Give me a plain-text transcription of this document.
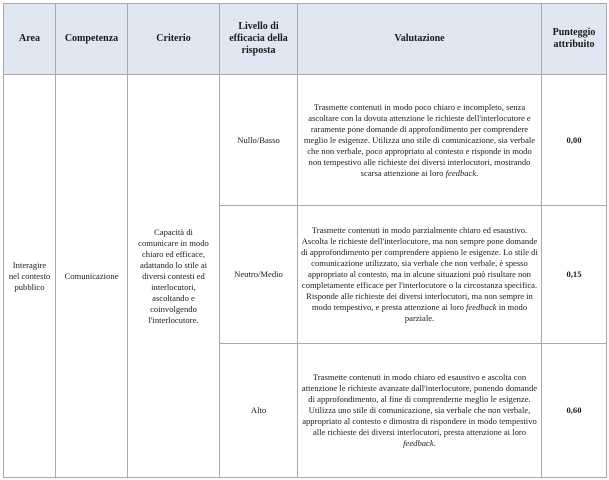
Area	Competenza	Criterio	Livello di efficacia della risposta	Valutazione	Punteggio attribuito
Interagire nel contesto pubblico	Comunicazione	Capacità di comunicare in modo chiaro ed efficace, adattando lo stile ai diversi contesti ed interlocutori, ascoltando e coinvolgendo l'interlocutore.	Nullo/Basso	Trasmette contenuti in modo poco chiaro e incompleto, senza ascoltare con la dovuta attenzione le richieste dell'interlocutore e raramente pone domande di approfondimento per comprendere meglio le esigenze. Utilizza uno stile di comunicazione, sia verbale che non verbale, poco appropriato al contesto e risponde in modo non tempestivo alle richieste dei diversi interlocutori, mostrando scarsa attenzione ai loro feedback.	0,00
			Neutro/Medio	Trasmette contenuti in modo parzialmente chiaro ed esaustivo. Ascolta le richieste dell'interlocutore, ma non sempre pone domande di approfondimento per comprendere appieno le esigenze. Lo stile di comunicazione utilizzato, sia verbale che non verbale, è spesso appropriato al contesto, ma in alcune situazioni può risultare non completamente efficace per l'interlocutore o la circostanza specifica. Risponde alle richieste dei diversi interlocutori, ma non sempre in modo tempestivo, e presta attenzione ai loro feedback in modo parziale.	0,15
			Alto	Trasmette contenuti in modo chiaro ed esaustivo e ascolta con attenzione le richieste avanzate dall'interlocutore, ponendo domande di approfondimento, al fine di comprenderne meglio le esigenze. Utilizza uno stile di comunicazione, sia verbale che non verbale, appropriato al contesto e dimostra di rispondere in modo tempestivo alle richieste dei diversi interlocutori, presta attenzione ai loro feedback.	0,60
